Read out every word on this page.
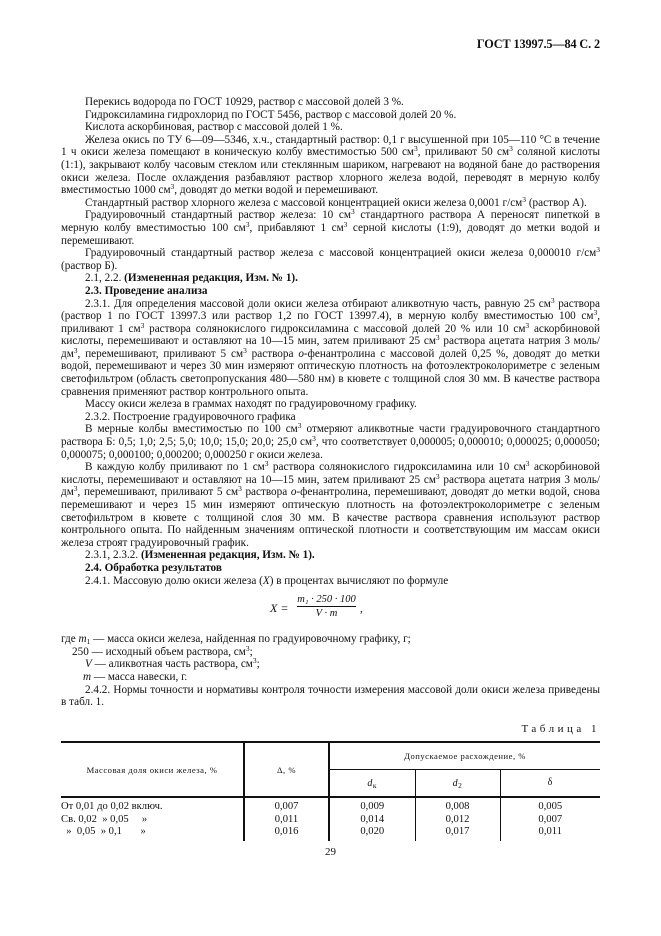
ГОСТ 13997.5—84 С. 2

Перекись водорода по ГОСТ 10929, раствор с массовой долей 3 %.

Гидроксиламина гидрохлорид по ГОСТ 5456, раствор с массовой долей 20 %.

Кислота аскорбиновая, раствор с массовой долей 1 %.

Железа окись по ТУ 6—09—5346, х.ч., стандартный раствор: 0,1 г высушенной при 105—110 °С в течение 1 ч окиси железа помещают в коническую колбу вместимостью 500 $см^3$, приливают 50 $см^3$ соляной кислоты (1:1), закрывают колбу часовым стеклом или стеклянным шариком, нагревают на водяной бане до растворения окиси железа. После охлаждения разбавляют раствор хлорного железа водой, переводят в мерную колбу вместимостью 1000 $см^3$, доводят до метки водой и перемешивают.

Стандартный раствор хлорного железа с массовой концентрацией окиси железа 0,0001 $г/см^3$ (раствор А).

Градуировочный стандартный раствор железа: 10 $см^3$ стандартного раствора А переносят пипеткой в мерную колбу вместимостью 100 $см^3$, прибавляют 1 $см^3$ серной кислоты (1:9), доводят до метки водой и перемешивают.

Градуировочный стандартный раствор железа с массовой концентрацией окиси железа 0,000010 $г/см^3$ (раствор Б).

2.1, 2.2. (Измененная редакция, Изм. № 1).

2.3. Проведение анализа

2.3.1. Для определения массовой доли окиси железа отбирают аликвотную часть, равную 25 $см^3$ раствора (раствор 1 по ГОСТ 13997.3 или раствор 1,2 по ГОСТ 13997.4), в мерную колбу вместимостью 100 $см^3$, приливают 1 $см^3$ раствора солянокислого гидроксиламина с массовой долей 20 % или 10 $см^3$ аскорбиновой кислоты, перемешивают и оставляют на 10—15 мин, затем приливают 25 $см^3$ раствора ацетата натрия 3 моль/$дм^3$, перемешивают, приливают 5 $см^3$ раствора о-фенантролина с массовой долей 0,25 %, доводят до метки водой, перемешивают и через 30 мин измеряют оптическую плотность на фотоэлектроколориметре с зеленым светофильтром (область светопропускания 480—580 нм) в кювете с толщиной слоя 30 мм. В качестве раствора сравнения применяют раствор контрольного опыта.

Массу окиси железа в граммах находят по градуировочному графику.

2.3.2. Построение градуировочного графика

В мерные колбы вместимостью по 100 $см^3$ отмеряют аликвотные части градуировочного стандартного раствора Б: 0,5; 1,0; 2,5; 5,0; 10,0; 15,0; 20,0; 25,0 $см^3$, что соответствует 0,000005; 0,000010; 0,000025; 0,000050; 0,000075; 0,000100; 0,000200; 0,000250 г окиси железа.

В каждую колбу приливают по 1 $см^3$ раствора солянокислого гидроксиламина или 10 $см^3$ аскорбиновой кислоты, перемешивают и оставляют на 10—15 мин, затем приливают 25 $см^3$ раствора ацетата натрия 3 моль/$дм^3$, перемешивают, приливают 5 $см^3$ раствора о-фенантролина, перемешивают, доводят до метки водой, снова перемешивают и через 15 мин измеряют оптическую плотность на фотоэлектроколориметре с зеленым светофильтром в кювете с толщиной слоя 30 мм. В качестве раствора сравнения используют раствор контрольного опыта. По найденным значениям оптической плотности и соответствующим им массам окиси железа строят градуировочный график.

2.3.1, 2.3.2. (Измененная редакция, Изм. № 1).

2.4. Обработка результатов

2.4.1. Массовую долю окиси железа (X) в процентах вычисляют по формуле

$X = \frac{\text{m₁ · 250 · 100}}{V \cdot m}$ ,

где $m_1$ — масса окиси железа, найденная по градуировочному графику, г;

250 — исходный объем раствора, $см^3$;

V — аликвотная часть раствора, $см^3$;

m — масса навески, г.

2.4.2. Нормы точности и нормативы контроля точности измерения массовой доли окиси железа приведены в табл. 1.

Таблица 1
Массовая доля окиси железа, %	Δ, %	Допускаемое расхождение, %		
		$d_к$	$d_2$	δ
От 0,01 до 0,02 включ.	0,007	0,009	0,008	0,005
Св. 0,02  » 0,05     »	0,011	0,014	0,012	0,007
»  0,05  » 0,1       »	0,016	0,020	0,017	0,011
29
